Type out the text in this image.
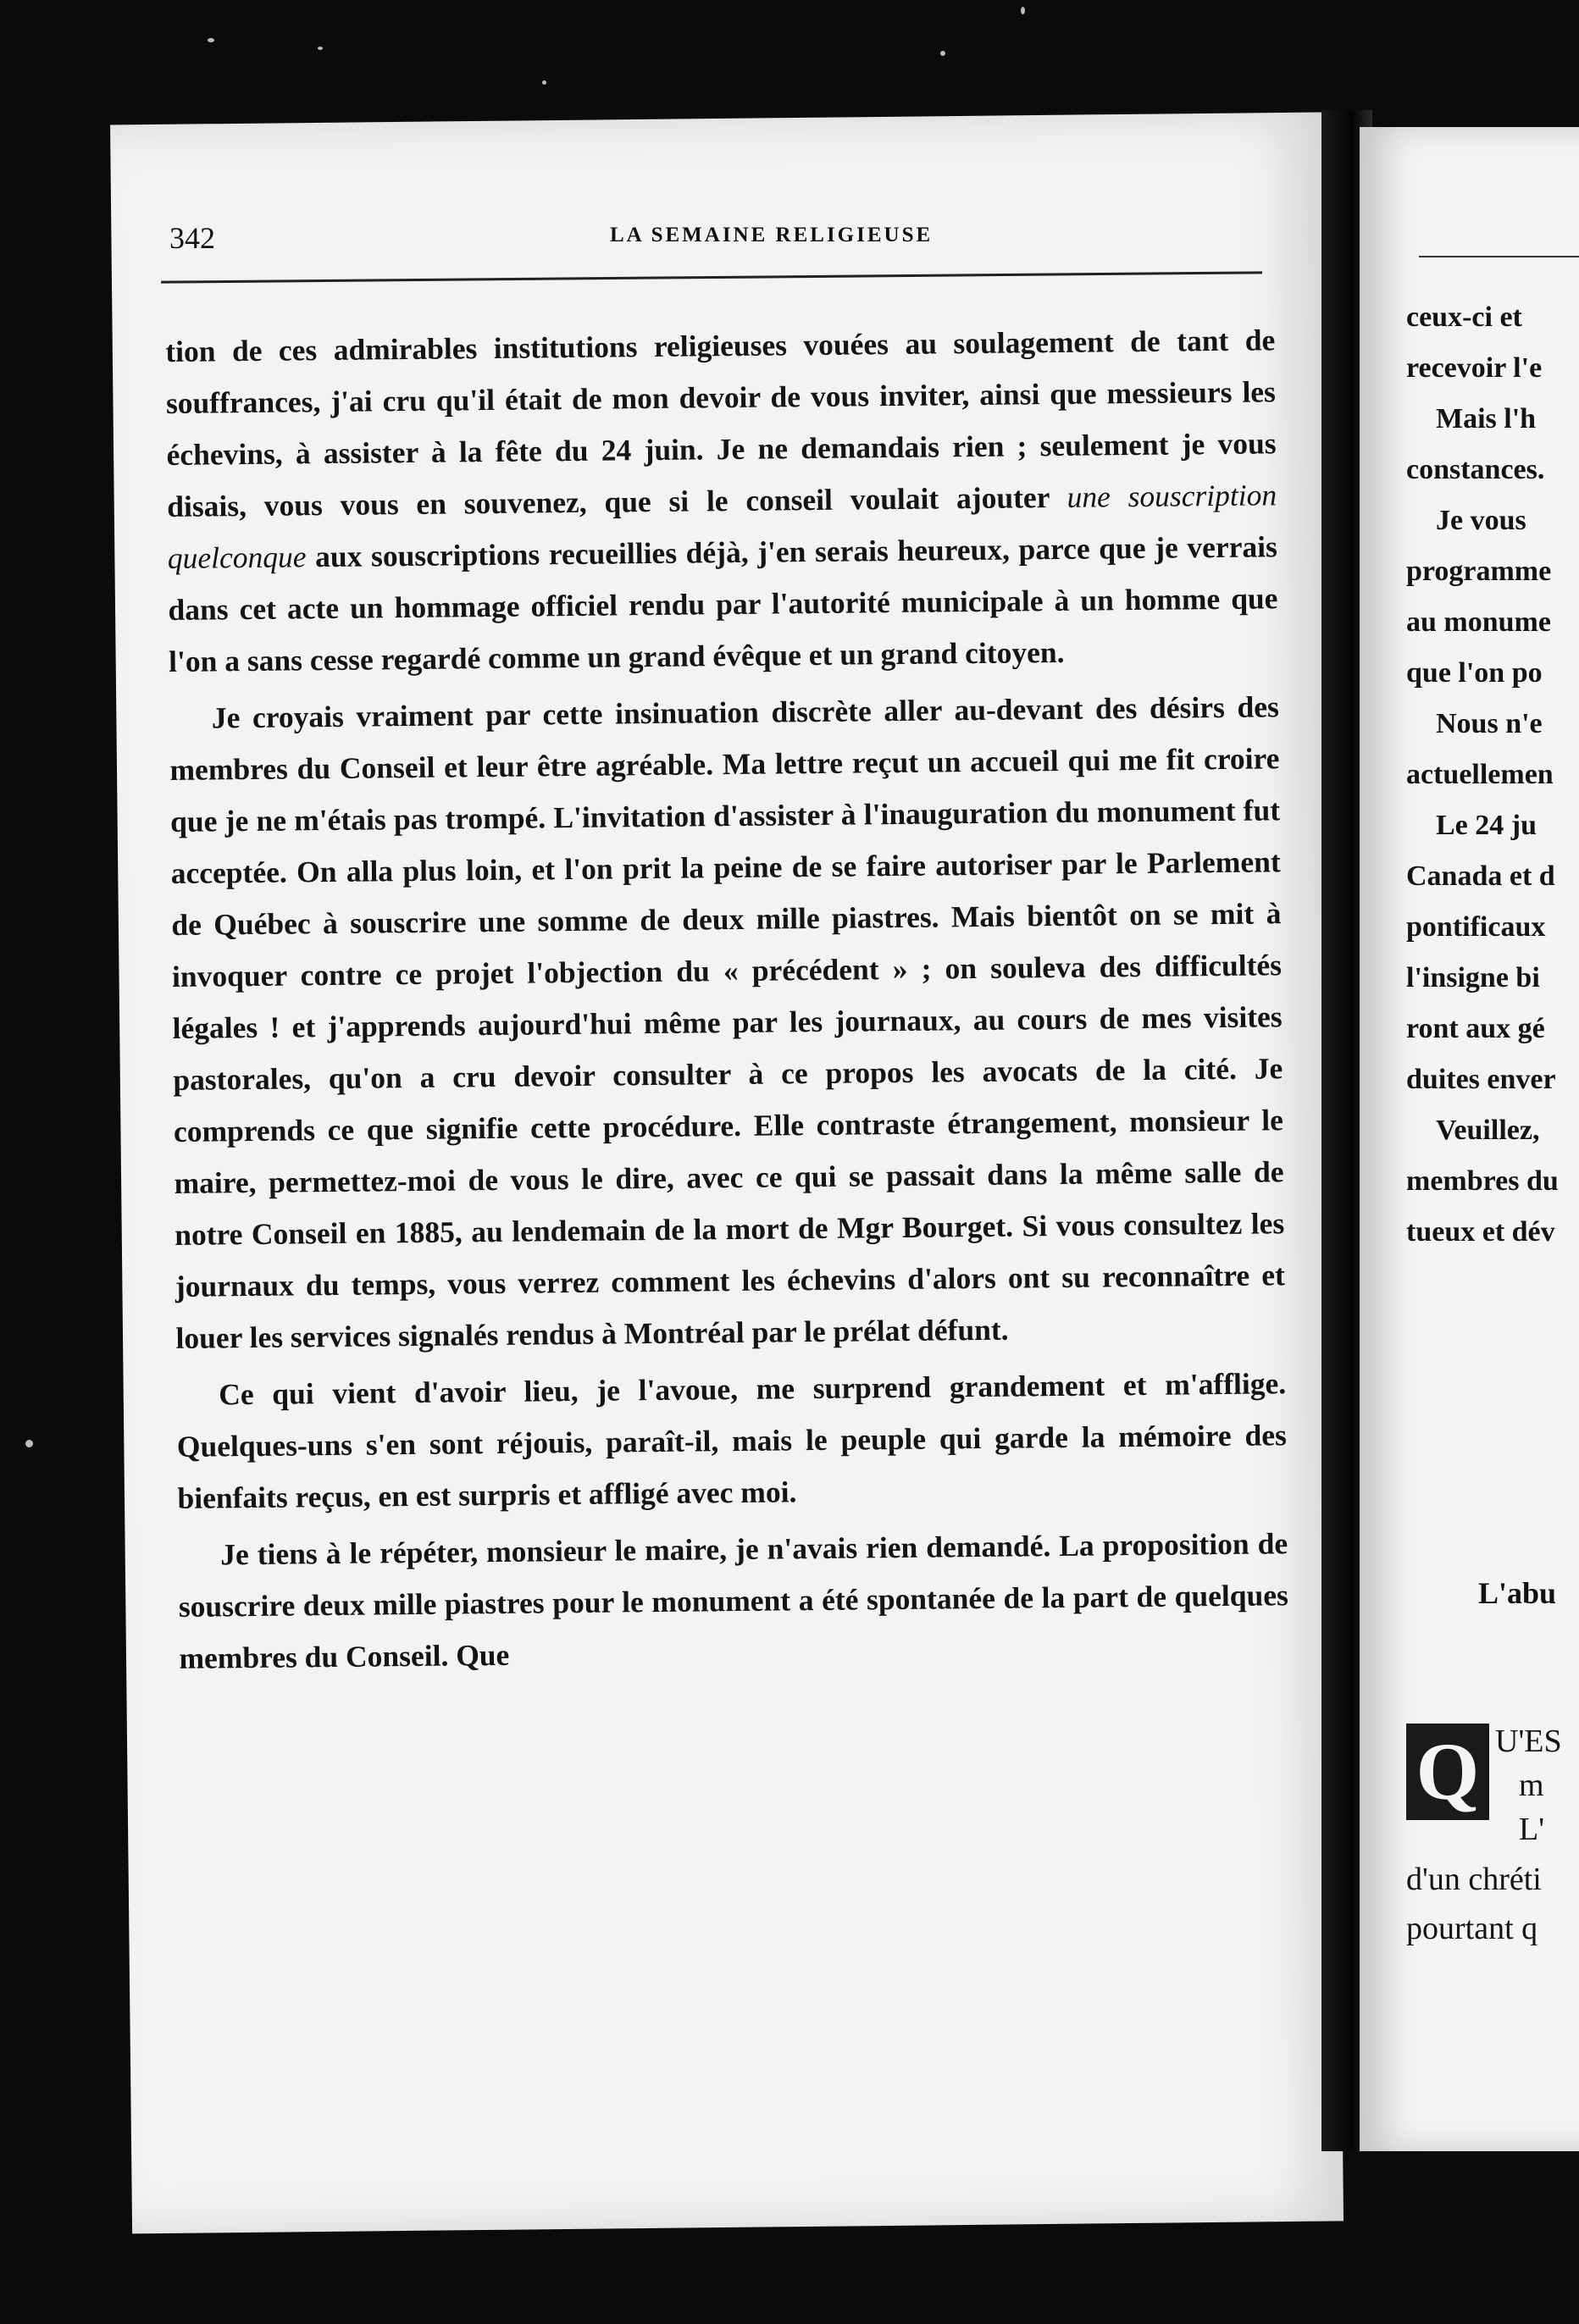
342	LA SEMAINE RELIGIEUSE

tion de ces admirables institutions religieuses vouées au soulagement de tant de souffrances, j'ai cru qu'il était de mon devoir de vous inviter, ainsi que messieurs les échevins, à assister à la fête du 24 juin. Je ne demandais rien ; seulement je vous disais, vous vous en souvenez, que si le conseil voulait ajouter une souscription quelconque aux souscriptions recueillies déjà, j'en serais heureux, parce que je verrais dans cet acte un hommage officiel rendu par l'autorité municipale à un homme que l'on a sans cesse regardé comme un grand évêque et un grand citoyen.

Je croyais vraiment par cette insinuation discrète aller au-devant des désirs des membres du Conseil et leur être agréable. Ma lettre reçut un accueil qui me fit croire que je ne m'étais pas trompé. L'invitation d'assister à l'inauguration du monument fut acceptée. On alla plus loin, et l'on prit la peine de se faire autoriser par le Parlement de Québec à souscrire une somme de deux mille piastres. Mais bientôt on se mit à invoquer contre ce projet l'objection du « précédent » ; on souleva des difficultés légales ! et j'apprends aujourd'hui même par les journaux, au cours de mes visites pastorales, qu'on a cru devoir consulter à ce propos les avocats de la cité. Je comprends ce que signifie cette procédure. Elle contraste étrangement, monsieur le maire, permettez-moi de vous le dire, avec ce qui se passait dans la même salle de notre Conseil en 1885, au lendemain de la mort de Mgr Bourget. Si vous consultez les journaux du temps, vous verrez comment les échevins d'alors ont su reconnaître et louer les services signalés rendus à Montréal par le prélat défunt.

Ce qui vient d'avoir lieu, je l'avoue, me surprend grandement et m'afflige. Quelques-uns s'en sont réjouis, paraît-il, mais le peuple qui garde la mémoire des bienfaits reçus, en est surpris et affligé avec moi.

Je tiens à le répéter, monsieur le maire, je n'avais rien demandé. La proposition de souscrire deux mille piastres pour le monument a été spontanée de la part de quelques membres du Conseil. Que

ceux-ci et
recevoir l'e
Mais l'h
constances.
Je vous
programme
au monume
que l'on po
Nous n'e
actuellemen
Le 24 ju
Canada et d
pontificaux
l'insigne bi
ront aux gé
duites enver
Veuillez,
membres du
tueux et dév
L'abu
Q U'ES
m
L'
d'un chréti
pourtant q
